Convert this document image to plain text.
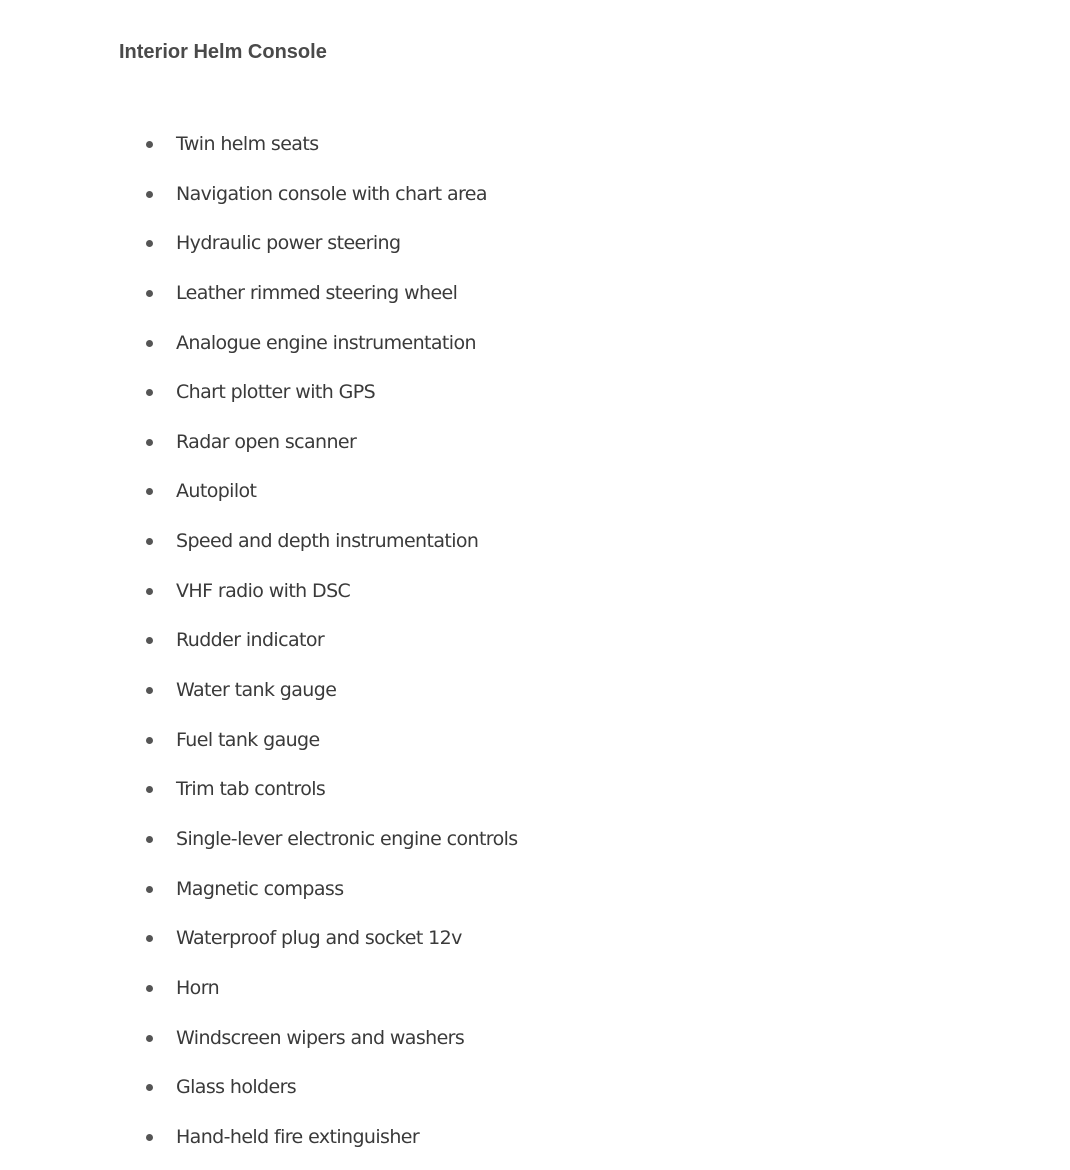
Interior Helm Console
Twin helm seats
Navigation console with chart area
Hydraulic power steering
Leather rimmed steering wheel
Analogue engine instrumentation
Chart plotter with GPS
Radar open scanner
Autopilot
Speed and depth instrumentation
VHF radio with DSC
Rudder indicator
Water tank gauge
Fuel tank gauge
Trim tab controls
Single-lever electronic engine controls
Magnetic compass
Waterproof plug and socket 12v
Horn
Windscreen wipers and washers
Glass holders
Hand-held fire extinguisher
